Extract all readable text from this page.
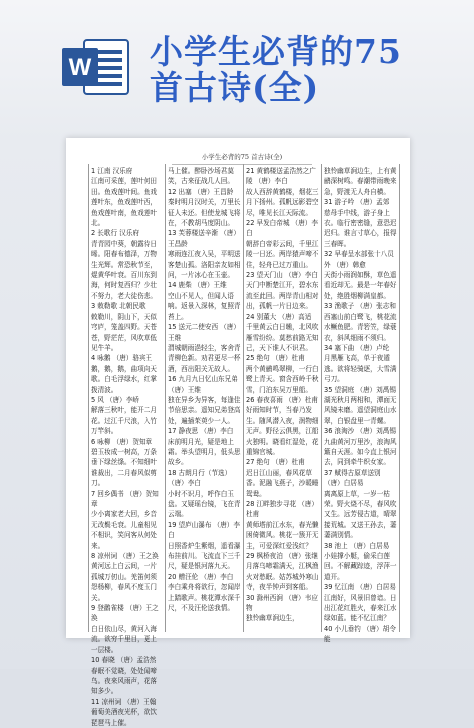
W 小学生必背的75
首古诗(全)
小学生必背的75 首古诗(全)
1 江南 汉乐府
江南可采莲，莲叶何田田。鱼戏莲叶间。鱼戏莲叶东，鱼戏莲叶西，鱼戏莲叶南，鱼戏莲叶北。
2 长歌行 汉乐府
青青园中葵，朝露待日晞。阳春布德泽，万物生光辉。常恐秋节至，焜黄华叶衰。百川东到海，何时复西归？少壮不努力，老大徒伤悲。
3 敕勒歌 北朝民歌
敕勒川，阴山下，天似穹庐，笼盖四野。天苍苍，野茫茫，风吹草低见牛羊。
4 咏鹅 （唐）骆宾王
鹅，鹅，鹅，曲项向天歌。白毛浮绿水，红掌拨清波。
5 风 （唐）李峤
解落三秋叶，能开二月花。过江千尺浪，入竹万竿斜。
6 咏柳 （唐）贺知章
碧玉妆成一树高，万条垂下绿丝绦。不知细叶谁裁出，二月春风似剪刀。
7 回乡偶书 （唐）贺知章
少小离家老大回，乡音无改鬓毛衰。儿童相见不相识，笑问客从何处来。
8 凉州词 （唐）王之涣
黄河远上白云间，一片孤城万仞山。羌笛何须怨杨柳，春风不度玉门关。
9 登鹳雀楼 （唐）王之涣
白日依山尽，黄河入海流。欲穷千里目，更上一层楼。
10 春晓 （唐）孟浩然
春眠不觉晓，处处闻啼鸟。夜来风雨声，花落知多少。
11 凉州词 （唐）王翰
葡萄美酒夜光杯，欲饮琵琶马上催。
马上催。醉卧沙场君莫笑，古来征战几人回。
12 出塞 （唐）王昌龄
秦时明月汉时关，万里长征人未还。但使龙城飞将在，不教胡马度阴山。
13 芙蓉楼送辛渐 （唐）王昌龄
寒雨连江夜入吴，平明送客楚山孤。洛阳亲友如相问，一片冰心在玉壶。
14 鹿柴 （唐）王维
空山不见人，但闻人语响。返景入深林，复照青苔上。
15 送元二使安西 （唐）王维
渭城朝雨浥轻尘，客舍青青柳色新。劝君更尽一杯酒，西出阳关无故人。
16 九月九日忆山东兄弟 （唐）王维
独在异乡为异客，每逢佳节倍思亲。遥知兄弟登高处，遍插茱萸少一人。
17 静夜思 （唐）李白
床前明月光，疑是地上霜。举头望明月，低头思故乡。
18 古朗月行（节选） （唐）李白
小时不识月，呼作白玉盘。又疑瑶台镜，飞在青云端。
19 望庐山瀑布 （唐）李白
日照香炉生紫烟，遥看瀑布挂前川。飞流直下三千尺，疑是银河落九天。
20 赠汪伦 （唐）李白
李白乘舟将欲行，忽闻岸上踏歌声。桃花潭水深千尺，不及汪伦送我情。
21 黄鹤楼送孟浩然之广陵 （唐）李白
故人西辞黄鹤楼，烟花三月下扬州。孤帆远影碧空尽，唯见长江天际流。
22 早发白帝城 （唐）李白
朝辞白帝彩云间，千里江陵一日还。两岸猿声啼不住，轻舟已过万重山。
23 望天门山 （唐）李白
天门中断楚江开，碧水东流至此回。两岸青山相对出，孤帆一片日边来。
24 别董大 （唐）高适
千里黄云白日曛，北风吹雁雪纷纷。莫愁前路无知己，天下谁人不识君。
25 绝句 （唐）杜甫
两个黄鹂鸣翠柳，一行白鹭上青天。窗含西岭千秋雪，门泊东吴万里船。
26 春夜喜雨 （唐）杜甫
好雨知时节，当春乃发生。随风潜入夜，润物细无声。野径云俱黑，江船火独明。晓看红湿处，花重锦官城。
27 绝句 （唐）杜甫
迟日江山丽，春风花草香。泥融飞燕子，沙暖睡鸳鸯。
28 江畔独步寻花 （唐）杜甫
黄师塔前江水东，春光懒困倚微风。桃花一簇开无主，可爱深红爱浅红？
29 枫桥夜泊 （唐）张继
月落乌啼霜满天，江枫渔火对愁眠。姑苏城外寒山寺，夜半钟声到客船。
30 滁州西涧 （唐）韦应物
独怜幽草涧边生，
独怜幽草涧边生，上有黄鹂深树鸣。春潮带雨晚来急，野渡无人舟自横。
31 游子吟 （唐）孟郊
慈母手中线，游子身上衣。临行密密缝，意恐迟迟归。谁言寸草心，报得三春晖。
32 早春呈水部张十八员外 （唐）韩愈
天街小雨润如酥，草色遥看近却无。最是一年春好处，绝胜烟柳满皇都。
33 渔歌子 （唐）张志和
西塞山前白鹭飞，桃花流水鳜鱼肥。青箬笠，绿蓑衣，斜风细雨不须归。
34 塞下曲 （唐）卢纶
月黑雁飞高，单于夜遁逃。欲将轻骑逐，大雪满弓刀。
35 望洞庭 （唐）刘禹锡
湖光秋月两相和，潭面无风镜未磨。遥望洞庭山水翠，白银盘里一青螺。
36 浪淘沙 （唐）刘禹锡
九曲黄河万里沙，浪淘风簸自天涯。如今直上银河去，同到牵牛织女家。
37 赋得古原草送别 （唐）白居易
离离原上草，一岁一枯荣。野火烧不尽，春风吹又生。远芳侵古道，晴翠接荒城。又送王孙去，萋萋满别情。
38 池上 （唐）白居易
小娃撑小艇，偷采白莲回。不解藏踪迹，浮萍一道开。
39 忆江南 （唐）白居易
江南好，风景旧曾谙。日出江花红胜火，春来江水绿如蓝。能不忆江南？
40 小儿垂钓 （唐）胡令能
